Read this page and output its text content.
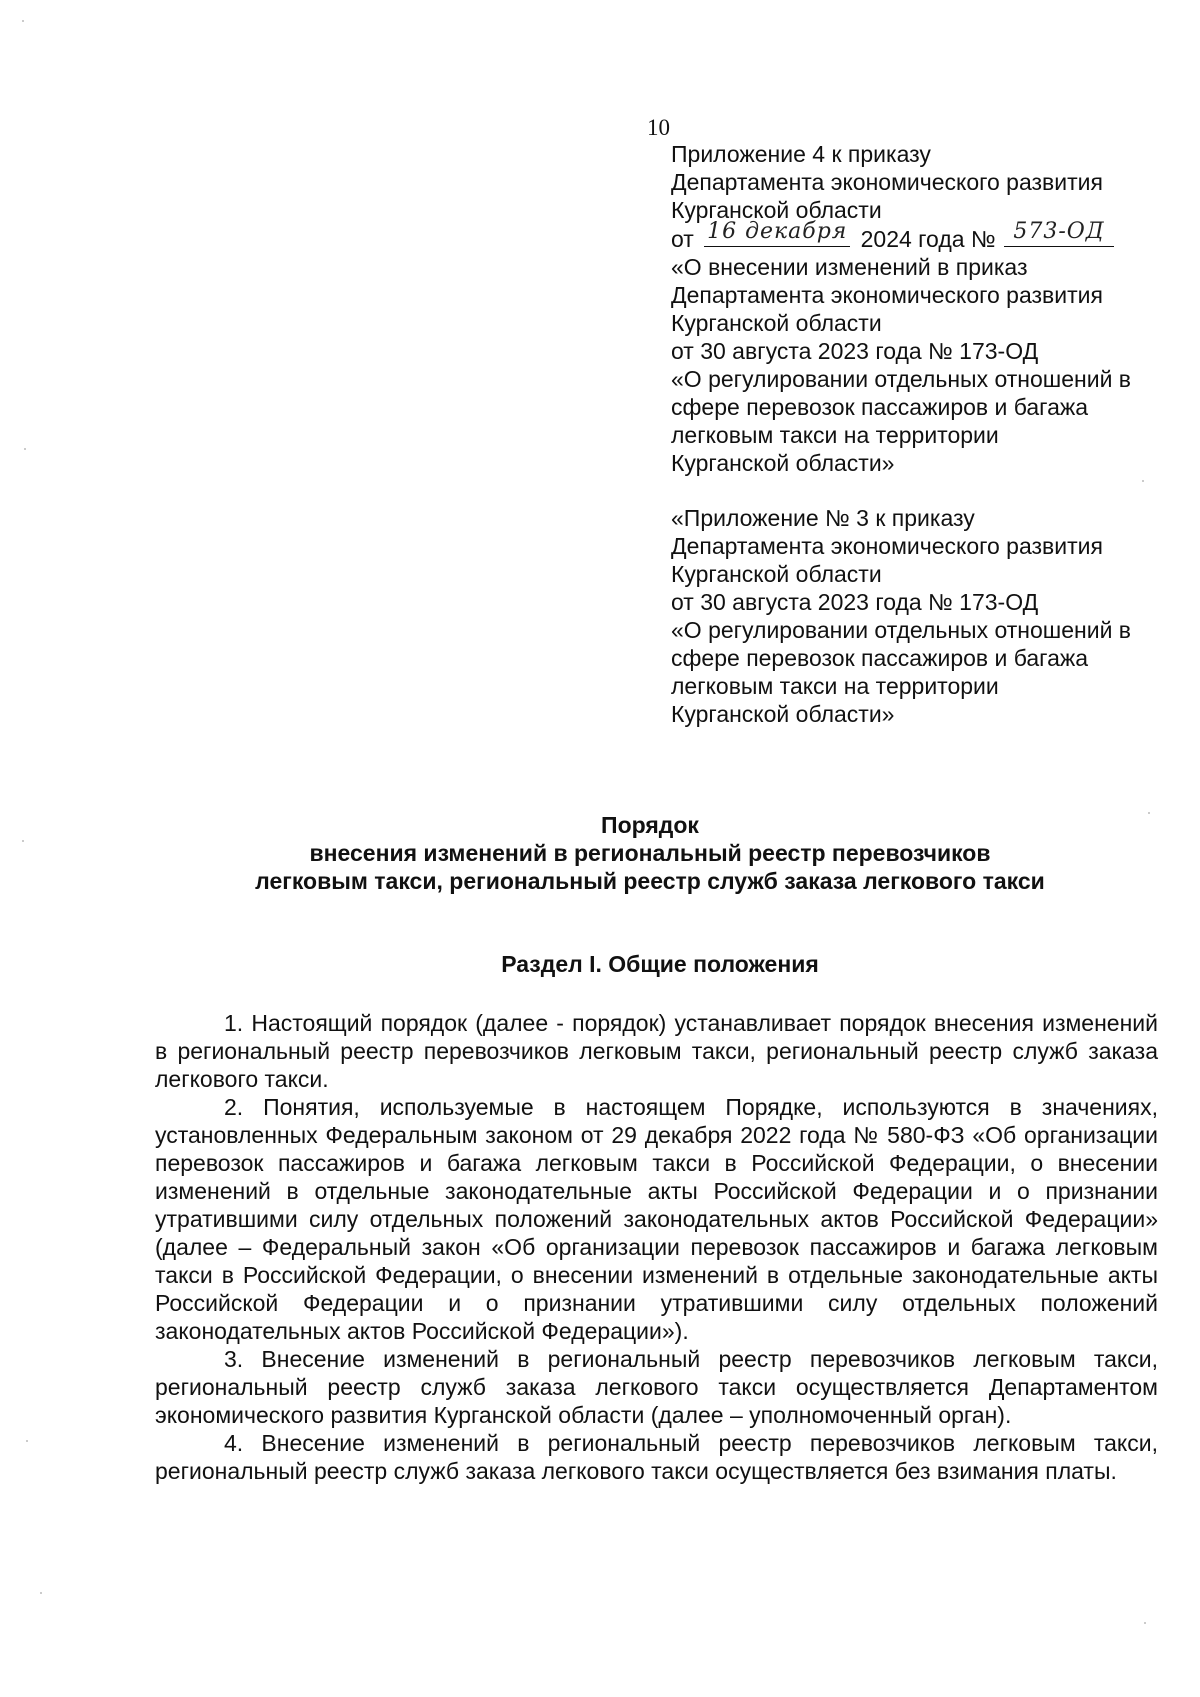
10
Приложение 4 к приказу
Департамента экономического развития
Курганской области
от 16 декабря 2024 года № 573-ОД
«О внесении изменений в приказ
Департамента экономического развития
Курганской области
от 30 августа 2023 года № 173-ОД
«О регулировании отдельных отношений в
сфере перевозок пассажиров и багажа
легковым такси на территории
Курганской области»
«Приложение № 3 к приказу
Департамента экономического развития
Курганской области
от 30 августа 2023 года № 173-ОД
«О регулировании отдельных отношений в
сфере перевозок пассажиров и багажа
легковым такси на территории
Курганской области»
Порядок
внесения изменений в региональный реестр перевозчиков
легковым такси, региональный реестр служб заказа легкового такси
Раздел I. Общие положения

1. Настоящий порядок (далее - порядок) устанавливает порядок внесения изменений в региональный реестр перевозчиков легковым такси, региональный реестр служб заказа легкового такси.

2. Понятия, используемые в настоящем Порядке, используются в значениях, установленных Федеральным законом от 29 декабря 2022 года № 580-ФЗ «Об организации перевозок пассажиров и багажа легковым такси в Российской Федерации, о внесении изменений в отдельные законодательные акты Российской Федерации и о признании утратившими силу отдельных положений законодательных актов Российской Федерации» (далее – Федеральный закон «Об организации перевозок пассажиров и багажа легковым такси в Российской Федерации, о внесении изменений в отдельные законодательные акты Российской Федерации и о признании утратившими силу отдельных положений законодательных актов Российской Федерации»).

3. Внесение изменений в региональный реестр перевозчиков легковым такси, региональный реестр служб заказа легкового такси осуществляется Департаментом экономического развития Курганской области (далее – уполномоченный орган).

4. Внесение изменений в региональный реестр перевозчиков легковым такси, региональный реестр служб заказа легкового такси осуществляется без взимания платы.
